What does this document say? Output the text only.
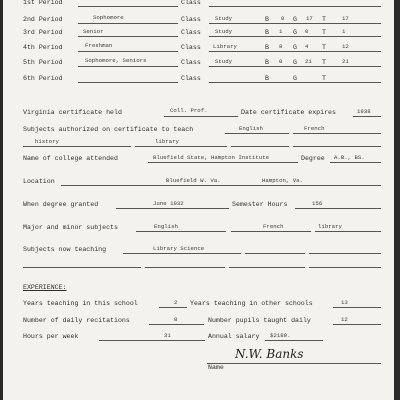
1st Period	Class
2nd Period	Sophomore	Class Study	B 0 G 17 T	17
3rd Period	Senior	Class Study	B 1 G 0 T	1
4th Period	Freshman	Class Library	B 8 G 4 T	12
5th Period	Sophomore, Seniors	Class Study	B 0 G 21 T	21
6th Period	Class	B	G	T
Virginia certificate held	Coll. Prof.	Date certificate expires	1938
Subjects authorized on certificate to teach	English	French
history	library
Name of college attended	Bluefield State, Hampton Institute	Degree A.B., BS.
Location	Bluefield W. Va.	Hampton, Va.
When degree granted	June 1932	Semester Hours	156
Major and minor subjects	English	French	library
Subjects now teaching	Library Science
EXPERIENCE:
Years teaching in this school	2 Years teaching in other schools	13
Number of daily recitations	8	Number pupils taught daily	12
Hours per week	31	Annual salary $2180.
N.W. Banks
Name
